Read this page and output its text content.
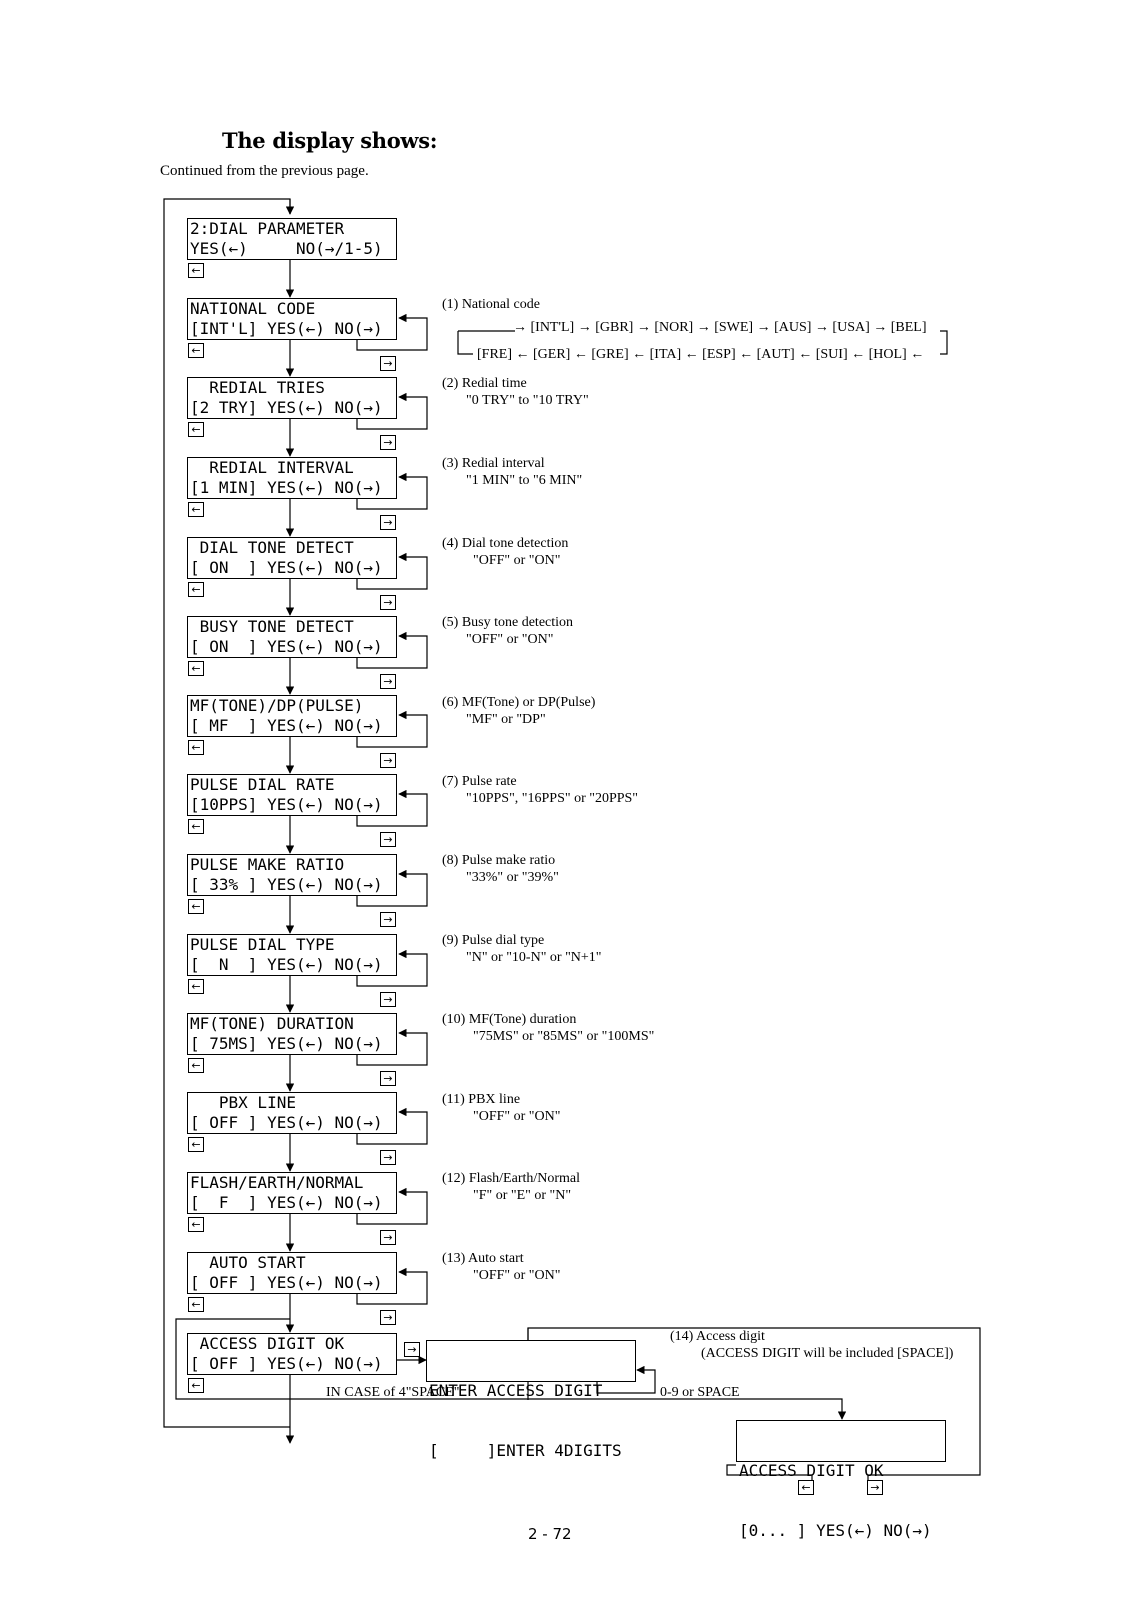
The display shows:
Continued from the previous page.
2:DIAL PARAMETER
YES(←)     NO(→/1-5)
←
NATIONAL CODE
[INT'L] YES(←) NO(→)
←
→
REDIAL TRIES
[2 TRY] YES(←) NO(→)
←
→
REDIAL INTERVAL
[1 MIN] YES(←) NO(→)
←
→
DIAL TONE DETECT
[ ON  ] YES(←) NO(→)
←
→
BUSY TONE DETECT
[ ON  ] YES(←) NO(→)
←
→
MF(TONE)/DP(PULSE)
[ MF  ] YES(←) NO(→)
←
→
PULSE DIAL RATE
[10PPS] YES(←) NO(→)
←
→
PULSE MAKE RATIO
[ 33% ] YES(←) NO(→)
←
→
PULSE DIAL TYPE
[  N  ] YES(←) NO(→)
←
→
MF(TONE) DURATION
[ 75MS] YES(←) NO(→)
←
→
PBX LINE
[ OFF ] YES(←) NO(→)
←
→
FLASH/EARTH/NORMAL
[  F  ] YES(←) NO(→)
←
→
AUTO START
[ OFF ] YES(←) NO(→)
←
→
ACCESS DIGIT OK
[ OFF ] YES(←) NO(→)
←
(1) National code
(2) Redial time
"0 TRY" to "10 TRY"
(3) Redial interval
"1 MIN" to "6 MIN"
(4) Dial tone detection
"OFF" or "ON"
(5) Busy tone detection
"OFF" or "ON"
(6) MF(Tone) or DP(Pulse)
"MF" or "DP"
(7) Pulse rate
"10PPS", "16PPS" or "20PPS"
(8) Pulse make ratio
"33%" or "39%"
(9) Pulse dial type
"N" or "10-N" or "N+1"
(10) MF(Tone) duration
"75MS" or "85MS" or "100MS"
(11) PBX line
"OFF" or "ON"
(12) Flash/Earth/Normal
"F" or "E" or "N"
(13) Auto start
"OFF" or "ON"
(14) Access digit
(ACCESS DIGIT will be included [SPACE])

ENTER ACCESS DIGIT

[     ]ENTER 4DIGITS

→

ACCESS DIGIT OK

[0... ] YES(←) NO(→)

←	→
→ [INT'L] → [GBR] → [NOR] → [SWE] → [AUS] → [USA] → [BEL]
[FRE] ← [GER] ← [GRE] ← [ITA] ← [ESP] ← [AUT] ← [SUI] ← [HOL] ←
IN CASE of 4"SPACE"	0-9 or SPACE
2 - 72
